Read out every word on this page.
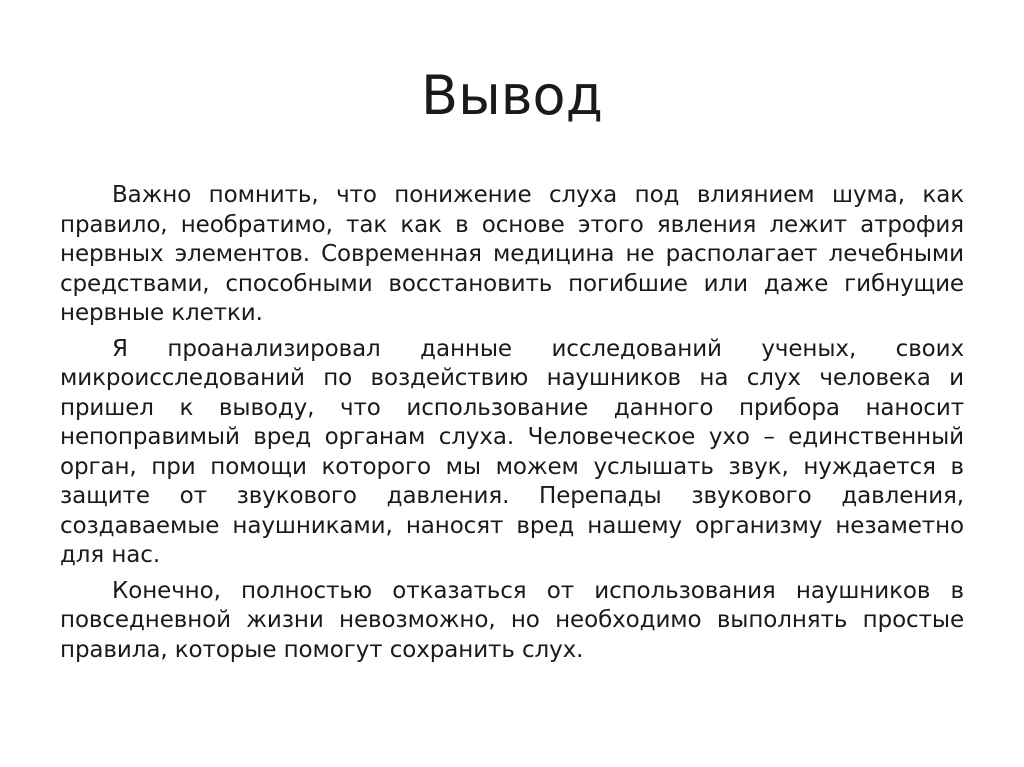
Вывод

Важно помнить, что понижение слуха под влиянием шума, как правило, необратимо, так как в основе этого явления лежит атрофия нервных элементов. Современная медицина не располагает лечебными средствами, способными восстановить погибшие или даже гибнущие нервные клетки.

Я проанализировал данные исследований ученых, своих микроисследований по воздействию наушников на слух человека и пришел к выводу, что использование данного прибора наносит непоправимый вред органам слуха. Человеческое ухо – единственный орган, при помощи которого мы можем услышать звук, нуждается в защите от звукового давления. Перепады звукового давления, создаваемые наушниками, наносят вред нашему организму незаметно для нас.

Конечно, полностью отказаться от использования наушников в повседневной жизни невозможно, но необходимо выполнять простые правила, которые помогут сохранить слух.
